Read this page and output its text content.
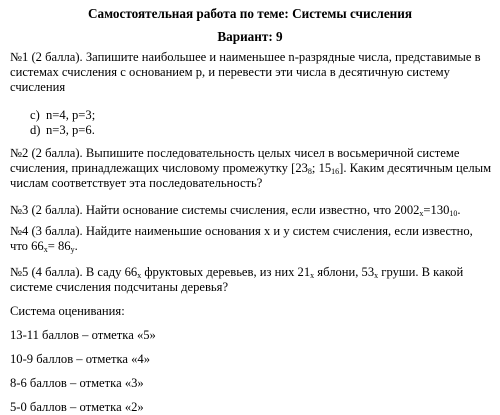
Самостоятельная работа по теме: Системы счисления
Вариант: 9
№1 (2 балла). Запишите наибольшее и наименьшее n-разрядные числа, представимые в системах счисления с основанием p, и перевести эти числа в десятичную систему счисления
c) n=4, p=3;
d) n=3, p=6.
№2 (2 балла). Выпишите последовательность целых чисел в восьмеричной системе счисления, принадлежащих числовому промежутку [$23_8$; $15_{16}$]. Каким десятичным целым числам соответствует эта последовательность?
№3 (2 балла). Найти основание системы счисления, если известно, что $2002_x=130_{10}$.
№4 (3 балла). Найдите наименьшие основания x и у систем счисления, если известно, что $66_x= 86_y$.
№5 (4 балла). В саду $66_x$ фруктовых деревьев, из них $21_x$ яблони, $53_x$ груши. В какой системе счисления подсчитаны деревья?
Система оценивания:
13-11 баллов – отметка «5»
10-9 баллов – отметка «4»
8-6 баллов – отметка «3»
5-0 баллов – отметка «2»
